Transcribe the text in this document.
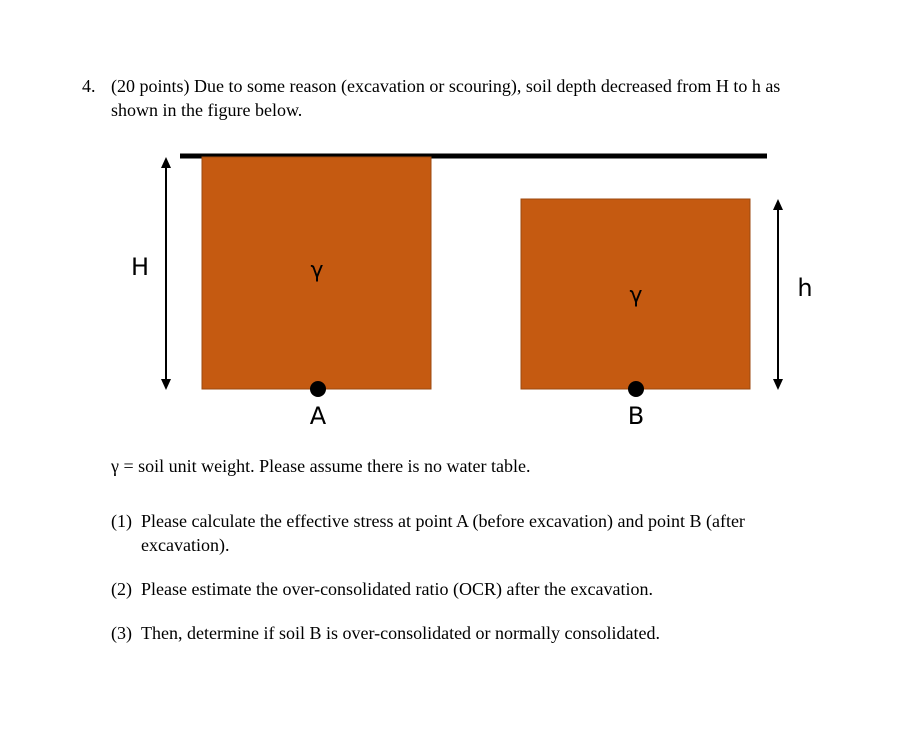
4. (20 points) Due to some reason (excavation or scouring), soil depth decreased from H to h as shown in the figure below.
H
h
γ
γ
A	B
γ = soil unit weight. Please assume there is no water table.
(1) Please calculate the effective stress at point A (before excavation) and point B (after excavation).
(2) Please estimate the over-consolidated ratio (OCR) after the excavation.
(3) Then, determine if soil B is over-consolidated or normally consolidated.
